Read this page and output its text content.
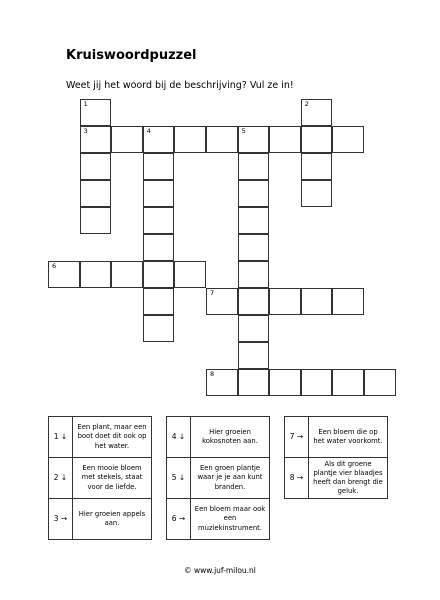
Kruiswoordpuzzel

Weet jij het woord bij de beschrijving? Vul ze in!

1	2
3	4	5
6
7
8
1 ↓	Een plant, maar een boot doet dit ook op het water.
2 ↓	Een mooie bloem met stekels, staat voor de liefde.
3 →	Hier groeien appels aan.
4 ↓	Hier groeien kokosnoten aan.
5 ↓	Een groen plantje waar je je aan kunt branden.
6 →	Een bloem maar ook een muziekinstrument.
7 →	Een bloem die op het water voorkomt.
8 →	Als dit groene plantje vier blaadjes heeft dan brengt die geluk.

© www.juf-milou.nl
